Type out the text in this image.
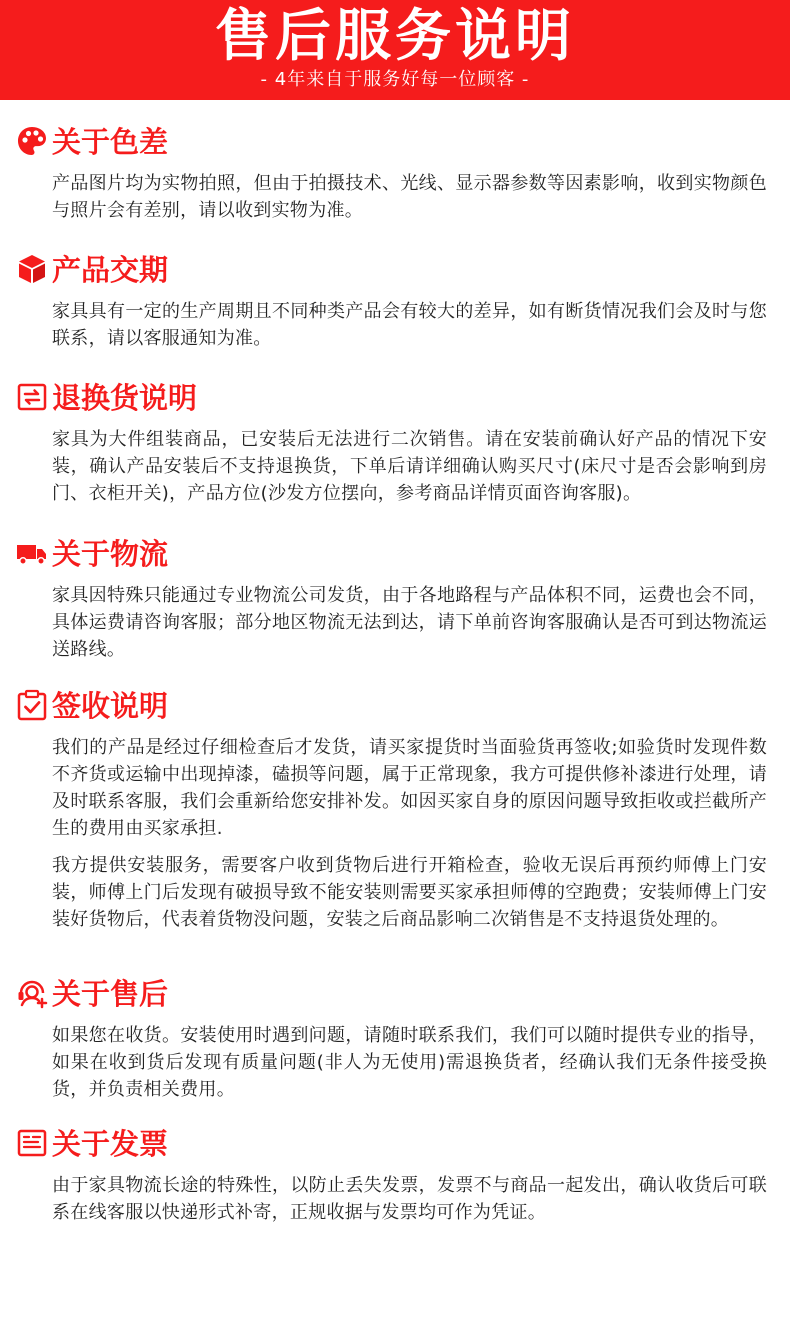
售后服务说明
- 4年来自于服务好每一位顾客 -
关于色差

产品图片均为实物拍照，但由于拍摄技术、光线、显示器参数等因素影响，收到实物颜色与照片会有差别，请以收到实物为准。

产品交期

家具具有一定的生产周期且不同种类产品会有较大的差异，如有断货情况我们会及时与您联系，请以客服通知为准。

退换货说明

家具为大件组装商品，已安装后无法进行二次销售。请在安装前确认好产品的情况下安装，确认产品安装后不支持退换货，下单后请详细确认购买尺寸(床尺寸是否会影响到房门、衣柜开关)，产品方位(沙发方位摆向，参考商品详情页面咨询客服)。

关于物流

家具因特殊只能通过专业物流公司发货，由于各地路程与产品体积不同，运费也会不同，具体运费请咨询客服；部分地区物流无法到达，请下单前咨询客服确认是否可到达物流运送路线。

签收说明

我们的产品是经过仔细检查后才发货，请买家提货时当面验货再签收;如验货时发现件数不齐货或运输中出现掉漆，磕损等问题，属于正常现象，我方可提供修补漆进行处理，请及时联系客服，我们会重新给您安排补发。如因买家自身的原因问题导致拒收或拦截所产生的费用由买家承担.

我方提供安装服务，需要客户收到货物后进行开箱检查，验收无误后再预约师傅上门安装，师傅上门后发现有破损导致不能安装则需要买家承担师傅的空跑费；安装师傅上门安装好货物后，代表着货物没问题，安装之后商品影响二次销售是不支持退货处理的。

关于售后

如果您在收货。安装使用时遇到问题，请随时联系我们，我们可以随时提供专业的指导，如果在收到货后发现有质量问题(非人为无使用)需退换货者，经确认我们无条件接受换货，并负责相关费用。

关于发票

由于家具物流长途的特殊性，以防止丢失发票，发票不与商品一起发出，确认收货后可联系在线客服以快递形式补寄，正规收据与发票均可作为凭证。
